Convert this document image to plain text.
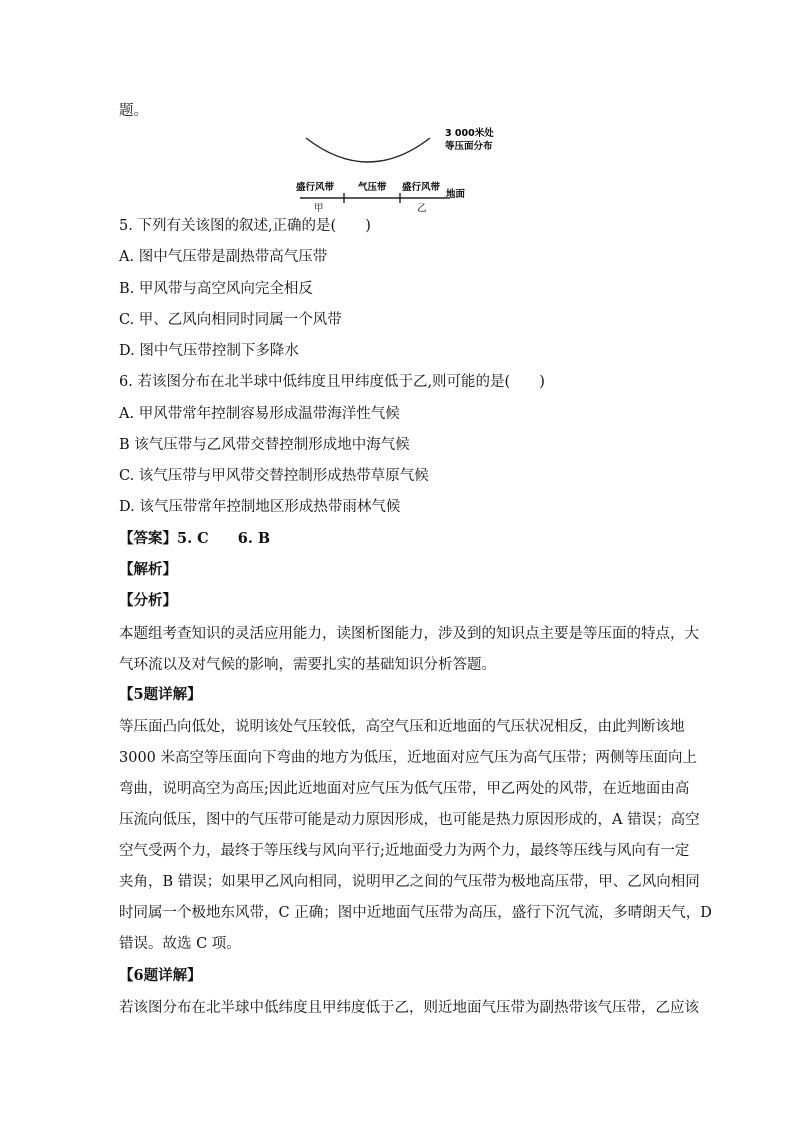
题。
3 000米处
等压面分布
盛行风带	气压带 盛行风带
地面
甲	乙
5. 下列有关该图的叙述,正确的是(　　)
A. 图中气压带是副热带高气压带
B. 甲风带与高空风向完全相反
C. 甲、乙风向相同时同属一个风带
D. 图中气压带控制下多降水
6. 若该图分布在北半球中低纬度且甲纬度低于乙,则可能的是(　　)
A. 甲风带常年控制容易形成温带海洋性气候
B 该气压带与乙风带交替控制形成地中海气候
C. 该气压带与甲风带交替控制形成热带草原气候
D. 该气压带常年控制地区形成热带雨林气候
【答案】5. C　　6. B
【解析】
【分析】
本题组考查知识的灵活应用能力，读图析图能力，涉及到的知识点主要是等压面的特点，大
气环流以及对气候的影响，需要扎实的基础知识分析答题。
【5题详解】
等压面凸向低处，说明该处气压较低，高空气压和近地面的气压状况相反，由此判断该地
3000 米高空等压面向下弯曲的地方为低压，近地面对应气压为高气压带；两侧等压面向上
弯曲，说明高空为高压;因此近地面对应气压为低气压带，甲乙两处的风带，在近地面由高
压流向低压，图中的气压带可能是动力原因形成，也可能是热力原因形成的，A 错误；高空
空气受两个力，最终于等压线与风向平行;近地面受力为两个力，最终等压线与风向有一定
夹角，B 错误；如果甲乙风向相同，说明甲乙之间的气压带为极地高压带，甲、乙风向相同
时同属一个极地东风带，C 正确；图中近地面气压带为高压，盛行下沉气流，多晴朗天气，D
错误。故选 C 项。
【6题详解】
若该图分布在北半球中低纬度且甲纬度低于乙，则近地面气压带为副热带该气压带，乙应该
